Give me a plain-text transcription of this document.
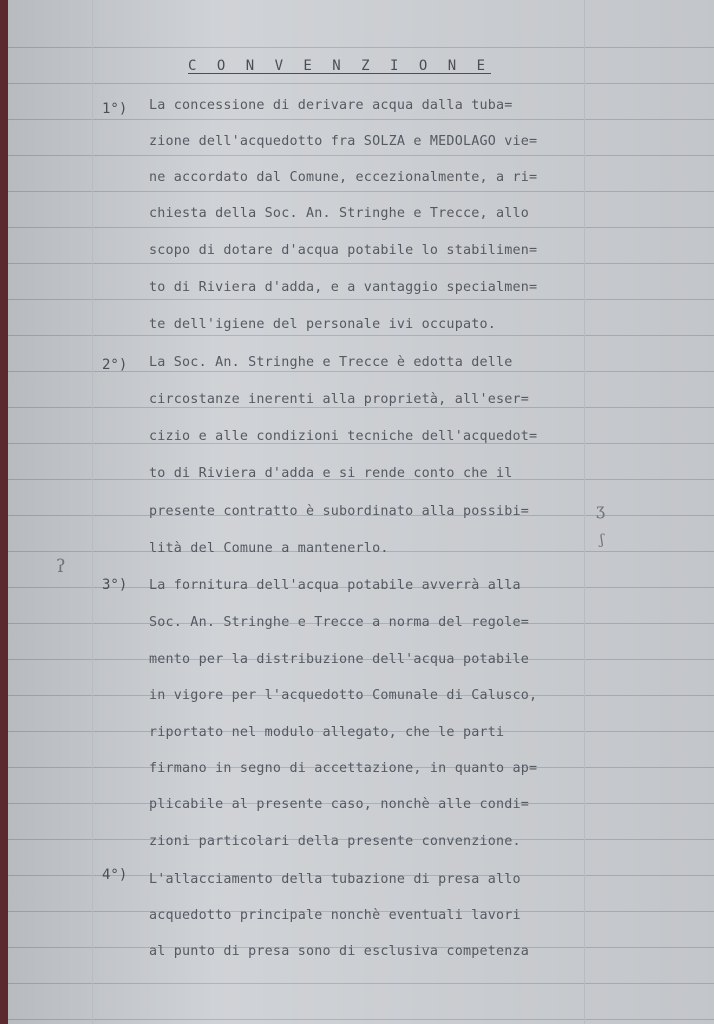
C O N V E N Z I O N E
1°) La concessione di derivare acqua dalla tuba=
zione dell'acquedotto fra SOLZA e MEDOLAGO vie=
ne accordato dal Comune, eccezionalmente, a ri=
chiesta della Soc. An. Stringhe e Trecce, allo
scopo di dotare d'acqua potabile lo stabilimen=
to di Riviera d'adda, e a vantaggio specialmen=
te dell'igiene del personale ivi occupato.
2°) La Soc. An. Stringhe e Trecce è edotta delle
circostanze inerenti alla proprietà, all'eser=
cizio e alle condizioni tecniche dell'acquedot=
to di Riviera d'adda e si rende conto che il
presente contratto è subordinato alla possibi=
lità del Comune a mantenerlo.
3°) La fornitura dell'acqua potabile avverrà alla
Soc. An. Stringhe e Trecce a norma del regole=
mento per la distribuzione dell'acqua potabile
in vigore per l'acquedotto Comunale di Calusco,
riportato nel modulo allegato, che le parti
firmano in segno di accettazione, in quanto ap=
plicabile al presente caso, nonchè alle condi=
zioni particolari della presente convenzione.
4°) L'allacciamento della tubazione di presa allo
acquedotto principale nonchè eventuali lavori
al punto di presa sono di esclusiva competenza
ʔ
ʒ
ʃ
